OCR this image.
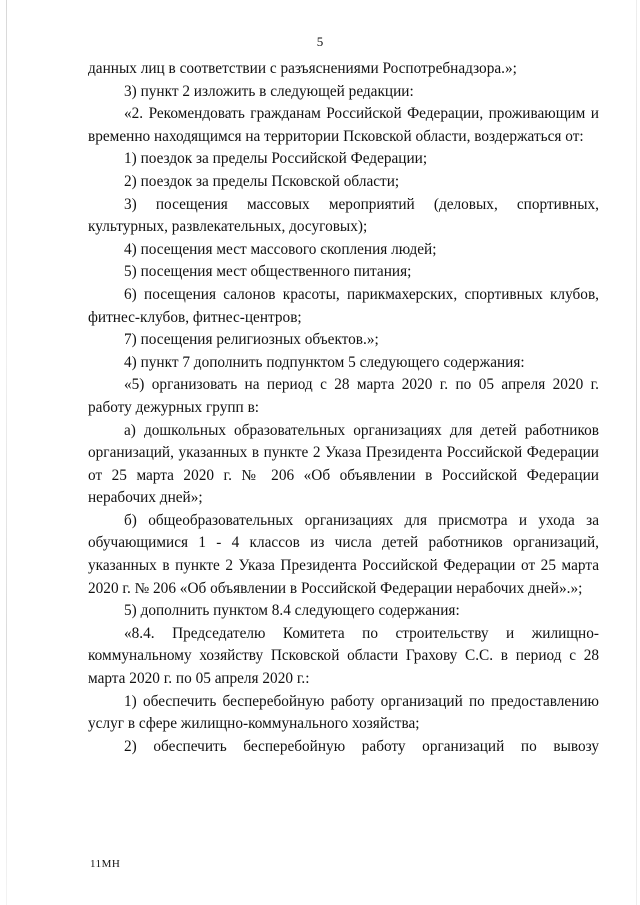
5

данных лиц в соответствии с разъяснениями Роспотребнадзора.»;

3) пункт 2 изложить в следующей редакции:

«2. Рекомендовать гражданам Российской Федерации, проживающим и временно находящимся на территории Псковской области, воздержаться от:

1) поездок за пределы Российской Федерации;

2) поездок за пределы Псковской области;

3) посещения массовых мероприятий (деловых, спортивных, культурных, развлекательных, досуговых);

4) посещения мест массового скопления людей;

5) посещения мест общественного питания;

6) посещения салонов красоты, парикмахерских, спортивных клубов, фитнес-клубов, фитнес-центров;

7) посещения религиозных объектов.»;

4) пункт 7 дополнить подпунктом 5 следующего содержания:

«5) организовать на период с 28 марта 2020 г. по 05 апреля 2020 г. работу дежурных групп в:

а) дошкольных образовательных организациях для детей работников организаций, указанных в пункте 2 Указа Президента Российской Федерации от 25 марта 2020 г. № 206 «Об объявлении в Российской Федерации нерабочих дней»;

б) общеобразовательных организациях для присмотра и ухода за обучающимися 1 - 4 классов из числа детей работников организаций, указанных в пункте 2 Указа Президента Российской Федерации от 25 марта 2020 г. № 206 «Об объявлении в Российской Федерации нерабочих дней».»;

5) дополнить пунктом 8.4 следующего содержания:

«8.4. Председателю Комитета по строительству и жилищно-коммунальному хозяйству Псковской области Грахову С.С. в период с 28 марта 2020 г. по 05 апреля 2020 г.:

1) обеспечить бесперебойную работу организаций по предоставлению услуг в сфере жилищно-коммунального хозяйства;

2) обеспечить бесперебойную работу организаций по вывозу

11МН
